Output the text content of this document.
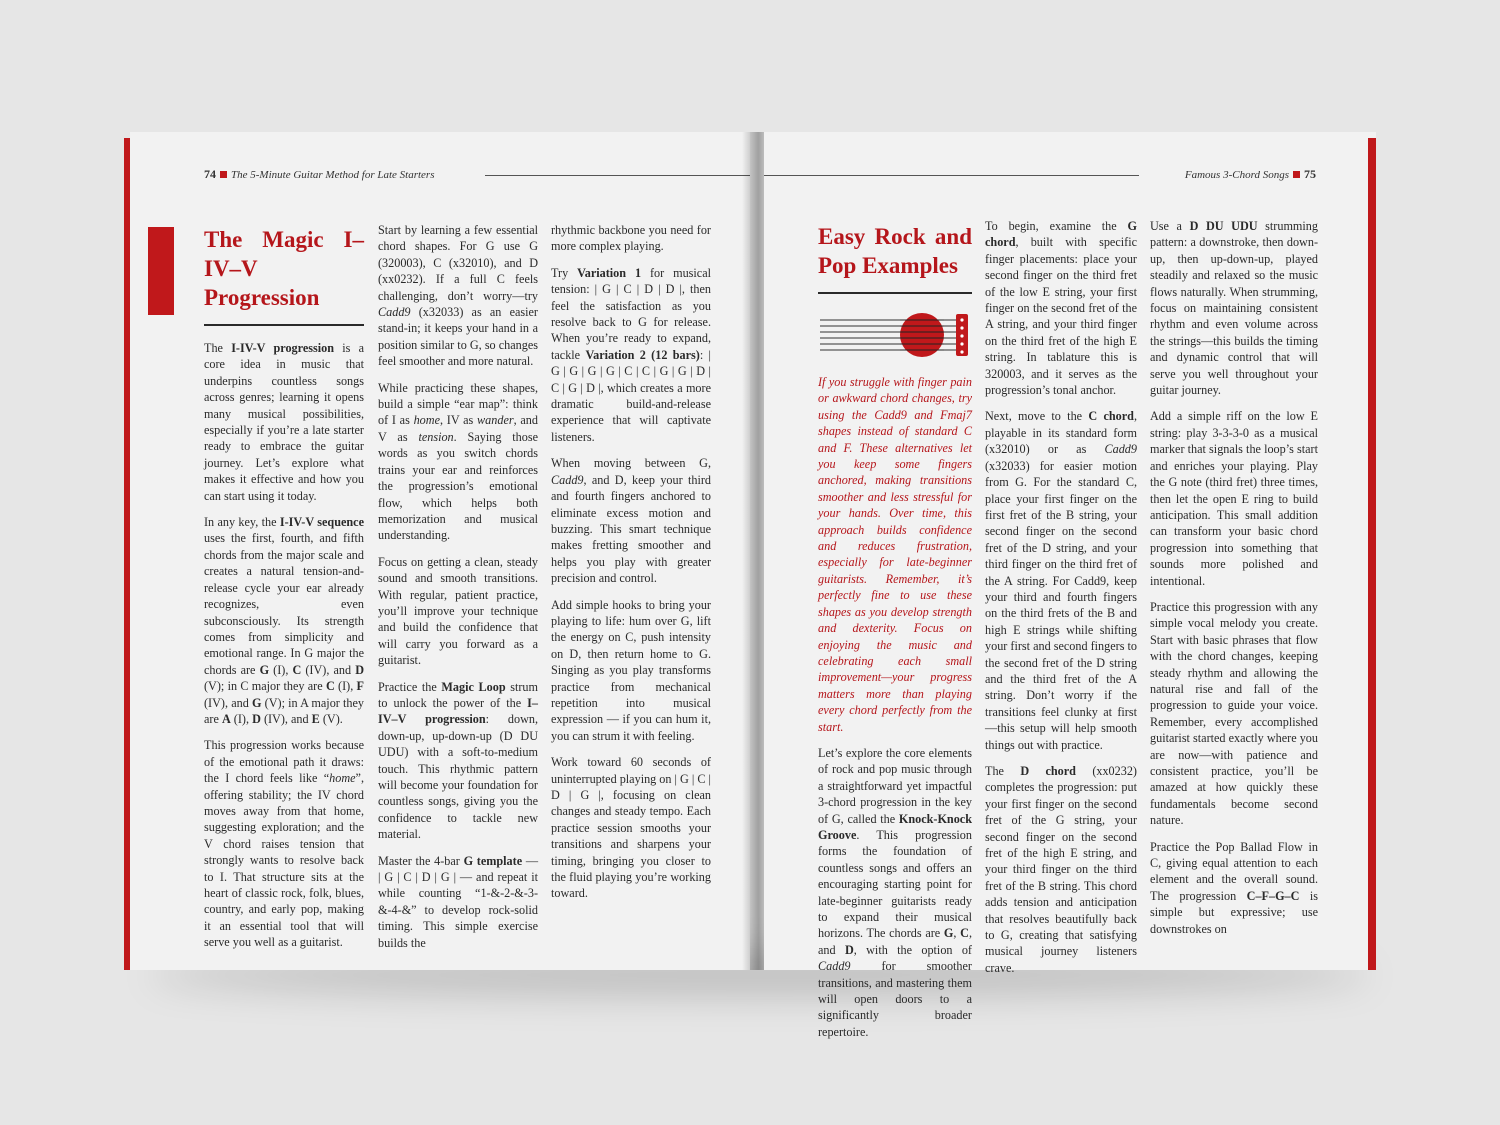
74 The 5-Minute Guitar Method for Late Starters
The Magic I–IV–V Progression

The I-IV-V progression is a core idea in music that underpins countless songs across genres; learning it opens many musical possibilities, especially if you’re a late starter ready to embrace the guitar journey. Let’s explore what makes it effective and how you can start using it today.

In any key, the I-IV-V sequence uses the first, fourth, and fifth chords from the major scale and creates a natural tension-and-release cycle your ear already recognizes, even subconsciously. Its strength comes from simplicity and emotional range. In G major the chords are G (I), C (IV), and D (V); in C major they are C (I), F (IV), and G (V); in A major they are A (I), D (IV), and E (V).

This progression works because of the emotional path it draws: the I chord feels like “home”, offering stability; the IV chord moves away from that home, suggesting exploration; and the V chord raises tension that strongly wants to resolve back to I. That structure sits at the heart of classic rock, folk, blues, country, and early pop, making it an essential tool that will serve you well as a guitarist.

Start by learning a few essential chord shapes. For G use G (320003), C (x32010), and D (xx0232). If a full C feels challenging, don’t worry—try Cadd9 (x32033) as an easier stand-in; it keeps your hand in a position similar to G, so changes feel smoother and more natural.

While practicing these shapes, build a simple “ear map”: think of I as home, IV as wander, and V as tension. Saying those words as you switch chords trains your ear and reinforces the progression’s emotional flow, which helps both memorization and musical understanding.

Focus on getting a clean, steady sound and smooth transitions. With regular, patient practice, you’ll improve your technique and build the confidence that will carry you forward as a guitarist.

Practice the Magic Loop strum to unlock the power of the I–IV–V progression: down, down-up, up-down-up (D DU UDU) with a soft-to-medium touch. This rhythmic pattern will become your foundation for countless songs, giving you the confidence to tackle new material.

Master the 4-bar G template — | G | C | D | G | — and repeat it while counting “1-&-2-&-3-&-4-&” to develop rock-solid timing. This simple exercise builds the

rhythmic backbone you need for more complex playing.

Try Variation 1 for musical tension: | G | C | D | D |, then feel the satisfaction as you resolve back to G for release. When you’re ready to expand, tackle Variation 2 (12 bars): | G | G | G | G | C | C | G | G | D | C | G | D |, which creates a more dramatic build-and-release experience that will captivate listeners.

When moving between G, Cadd9, and D, keep your third and fourth fingers anchored to eliminate excess motion and buzzing. This smart technique makes fretting smoother and helps you play with greater precision and control.

Add simple hooks to bring your playing to life: hum over G, lift the energy on C, push intensity on D, then return home to G. Singing as you play transforms practice from mechanical repetition into musical expression — if you can hum it, you can strum it with feeling.

Work toward 60 seconds of uninterrupted playing on | G | C | D | G |, focusing on clean changes and steady tempo. Each practice session smooths your transitions and sharpens your timing, bringing you closer to the fluid playing you’re working toward.

Famous 3-Chord Songs 75
Easy Rock and Pop Examples

If you struggle with finger pain or awkward chord changes, try using the Cadd9 and Fmaj7 shapes instead of standard C and F. These alternatives let you keep some fingers anchored, making transitions smoother and less stressful for your hands. Over time, this approach builds confidence and reduces frustration, especially for late-beginner guitarists. Remember, it’s perfectly fine to use these shapes as you develop strength and dexterity. Focus on enjoying the music and celebrating each small improvement—your progress matters more than playing every chord perfectly from the start.

Let’s explore the core elements of rock and pop music through a straightforward yet impactful 3-chord progression in the key of G, called the Knock-Knock Groove. This progression forms the foundation of countless songs and offers an encouraging starting point for late-beginner guitarists ready to expand their musical horizons. The chords are G, C, and D, with the option of Cadd9 for smoother transitions, and mastering them will open doors to a significantly broader repertoire.

To begin, examine the G chord, built with specific finger placements: place your second finger on the third fret of the low E string, your first finger on the second fret of the A string, and your third finger on the third fret of the high E string. In tablature this is 320003, and it serves as the progression’s tonal anchor.

Next, move to the C chord, playable in its standard form (x32010) or as Cadd9 (x32033) for easier motion from G. For the standard C, place your first finger on the first fret of the B string, your second finger on the second fret of the D string, and your third finger on the third fret of the A string. For Cadd9, keep your third and fourth fingers on the third frets of the B and high E strings while shifting your first and second fingers to the second fret of the D string and the third fret of the A string. Don’t worry if the transitions feel clunky at first—this setup will help smooth things out with practice.

The D chord (xx0232) completes the progression: put your first finger on the second fret of the G string, your second finger on the second fret of the high E string, and your third finger on the third fret of the B string. This chord adds tension and anticipation that resolves beautifully back to G, creating that satisfying musical journey listeners crave.

Use a D DU UDU strumming pattern: a downstroke, then down-up, then up-down-up, played steadily and relaxed so the music flows naturally. When strumming, focus on maintaining consistent rhythm and even volume across the strings—this builds the timing and dynamic control that will serve you well throughout your guitar journey.

Add a simple riff on the low E string: play 3-3-3-0 as a musical marker that signals the loop’s start and enriches your playing. Play the G note (third fret) three times, then let the open E ring to build anticipation. This small addition can transform your basic chord progression into something that sounds more polished and intentional.

Practice this progression with any simple vocal melody you create. Start with basic phrases that flow with the chord changes, keeping steady rhythm and allowing the natural rise and fall of the progression to guide your voice. Remember, every accomplished guitarist started exactly where you are now—with patience and consistent practice, you’ll be amazed at how quickly these fundamentals become second nature.

Practice the Pop Ballad Flow in C, giving equal attention to each element and the overall sound. The progression C–F–G–C is simple but expressive; use downstrokes on
